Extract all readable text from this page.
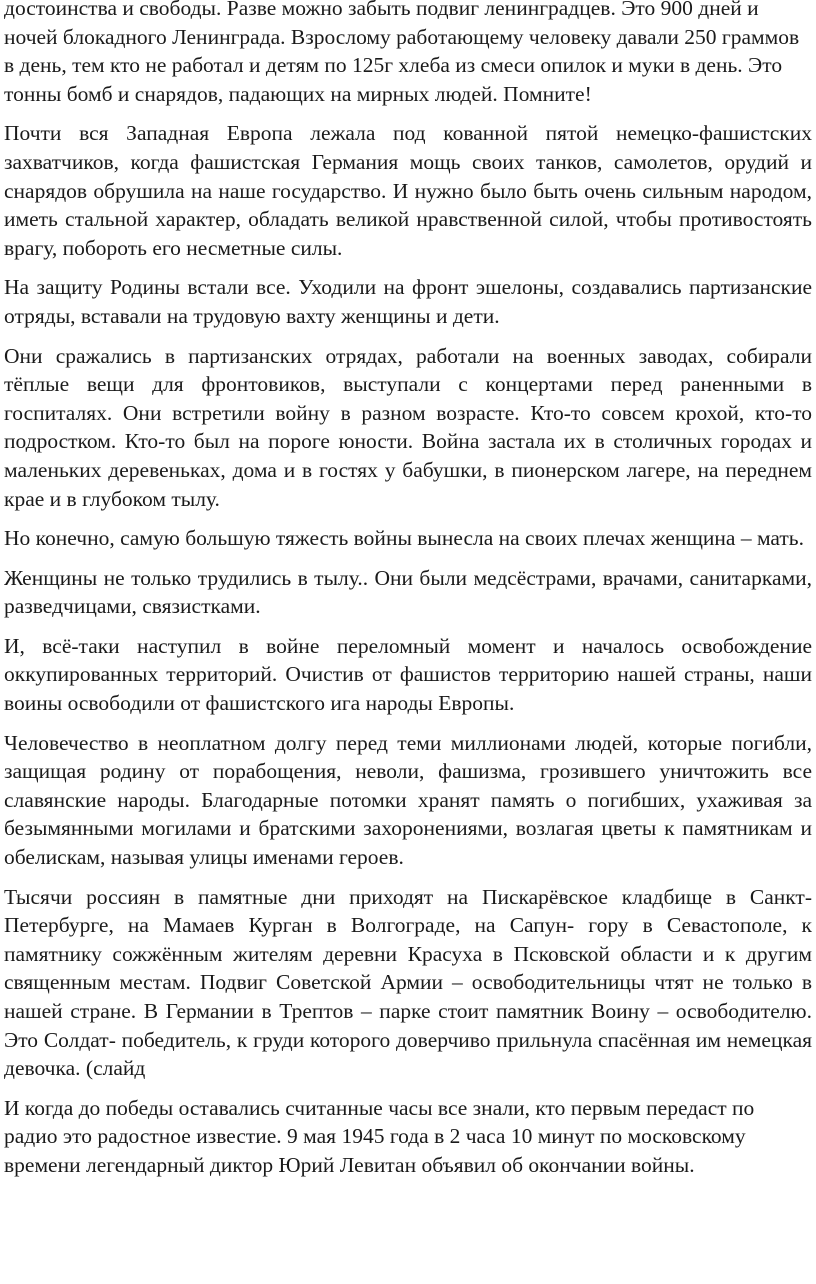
достоинства и свободы. Разве можно забыть подвиг ленинградцев. Это 900 дней и ночей блокадного Ленинграда. Взрослому работающему человеку давали 250 граммов в день, тем кто не работал и детям по 125г хлеба из смеси опилок и муки в день. Это тонны бомб и снарядов, падающих на мирных людей. Помните!

Почти вся Западная Европа лежала под кованной пятой немецко-фашистских захватчиков, когда фашистская Германия мощь своих танков, самолетов, орудий и снарядов обрушила на наше государство. И нужно было быть очень сильным народом, иметь стальной характер, обладать великой нравственной силой, чтобы противостоять врагу, побороть его несметные силы.

На защиту Родины встали все. Уходили на фронт эшелоны, создавались партизанские отряды, вставали на трудовую вахту женщины и дети.

Они сражались в партизанских отрядах, работали на военных заводах, собирали тёплые вещи для фронтовиков, выступали с концертами перед раненными в госпиталях. Они встретили войну в разном возрасте. Кто-то совсем крохой, кто-то подростком. Кто-то был на пороге юности. Война застала их в столичных городах и маленьких деревеньках, дома и в гостях у бабушки, в пионерском лагере, на переднем крае и в глубоком тылу.

Но конечно, самую большую тяжесть войны вынесла на своих плечах женщина – мать.

Женщины не только трудились в тылу.. Они были медсёстрами, врачами, санитарками, разведчицами, связистками.

И, всё-таки наступил в войне переломный момент и началось освобождение оккупированных территорий. Очистив от фашистов территорию нашей страны, наши воины освободили от фашистского ига народы Европы.

Человечество в неоплатном долгу перед теми миллионами людей, которые погибли, защищая родину от порабощения, неволи, фашизма, грозившего уничтожить все славянские народы. Благодарные потомки хранят память о погибших, ухаживая за безымянными могилами и братскими захоронениями, возлагая цветы к памятникам и обелискам, называя улицы именами героев.

Тысячи россиян в памятные дни приходят на Пискарёвское кладбище в Санкт-Петербурге, на Мамаев Курган в Волгограде, на Сапун- гору в Севастополе, к памятнику сожжённым жителям деревни Красуха в Псковской области и к другим священным местам. Подвиг Советской Армии – освободительницы чтят не только в нашей стране. В Германии в Трептов – парке стоит памятник Воину – освободителю. Это Солдат- победитель, к груди которого доверчиво прильнула спасённая им немецкая девочка. (слайд

И когда до победы оставались считанные часы все знали, кто первым передаст по радио это радостное известие. 9 мая 1945 года в 2 часа 10 минут по московскому времени легендарный диктор Юрий Левитан объявил об окончании войны.
